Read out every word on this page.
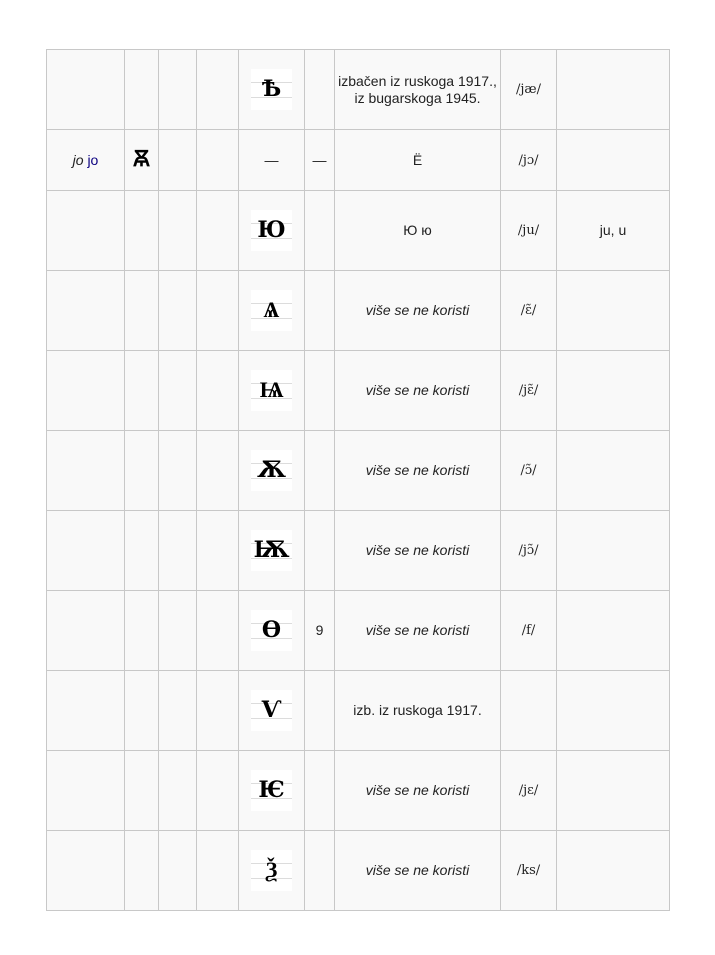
				Ѣ		izbačen iz ruskoga 1917., iz bugarskoga 1945.	/jæ/	
jo jo	Ꙛ			—	—	Ë	/jɔ/	

				Ю		Ю ю	/ju/	ju, u

				Ѧ		više se ne koristi	/ɛ̃/	

				Ѩ		više se ne koristi	/jɛ̃/	

				Ѫ		više se ne koristi	/ɔ̃/	

				Ѭ		više se ne koristi	/jɔ̃/	

				Ѳ	9	više se ne koristi	/f/	

				Ѵ		izb. iz ruskoga 1917.		

				Ѥ		više se ne koristi	/jɛ/	

				Ѯ		više se ne koristi	/ks/	
